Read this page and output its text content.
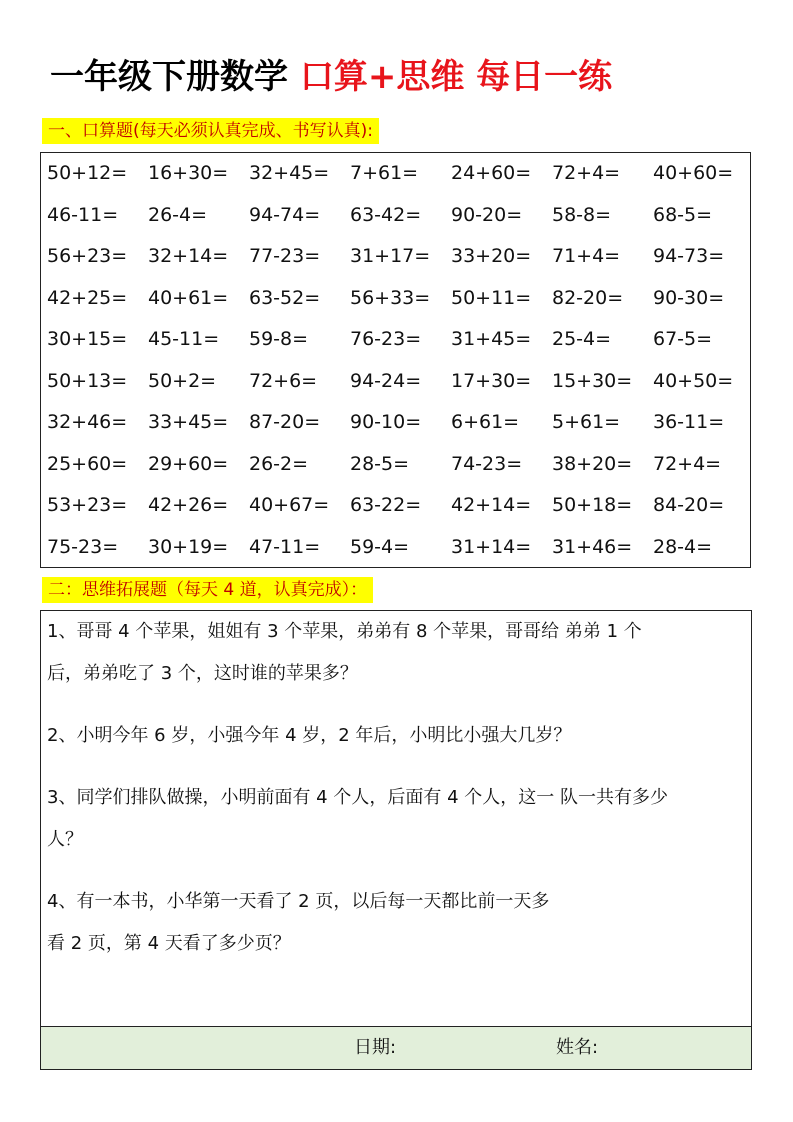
一年级下册数学 口算+思维 每日一练
一、口算题(每天必须认真完成、书写认真):
50+12=	16+30=	32+45=	7+61=	24+60=	72+4=	40+60=
46-11=	26-4=	94-74=	63-42=	90-20=	58-8=	68-5=
56+23=	32+14=	77-23=	31+17=	33+20=	71+4=	94-73=
42+25=	40+61=	63-52=	56+33=	50+11=	82-20=	90-30=
30+15=	45-11=	59-8=	76-23=	31+45=	25-4=	67-5=
50+13=	50+2=	72+6=	94-24=	17+30=	15+30=	40+50=
32+46=	33+45=	87-20=	90-10=	6+61=	5+61=	36-11=
25+60=	29+60=	26-2=	28-5=	74-23=	38+20=	72+4=
53+23=	42+26=	40+67=	63-22=	42+14=	50+18=	84-20=
75-23=	30+19=	47-11=	59-4=	31+14=	31+46=	28-4=
二：思维拓展题（每天 4 道，认真完成）：
1、哥哥 4 个苹果，姐姐有 3 个苹果，弟弟有 8 个苹果，哥哥给 弟弟 1 个
后，弟弟吃了 3 个，这时谁的苹果多？
2、小明今年 6 岁，小强今年 4 岁，2 年后，小明比小强大几岁？
3、同学们排队做操，小明前面有 4 个人，后面有 4 个人，这一 队一共有多少
人？
4、有一本书，小华第一天看了 2 页，以后每一天都比前一天多
看 2 页，第 4 天看了多少页？
日期:	姓名:
